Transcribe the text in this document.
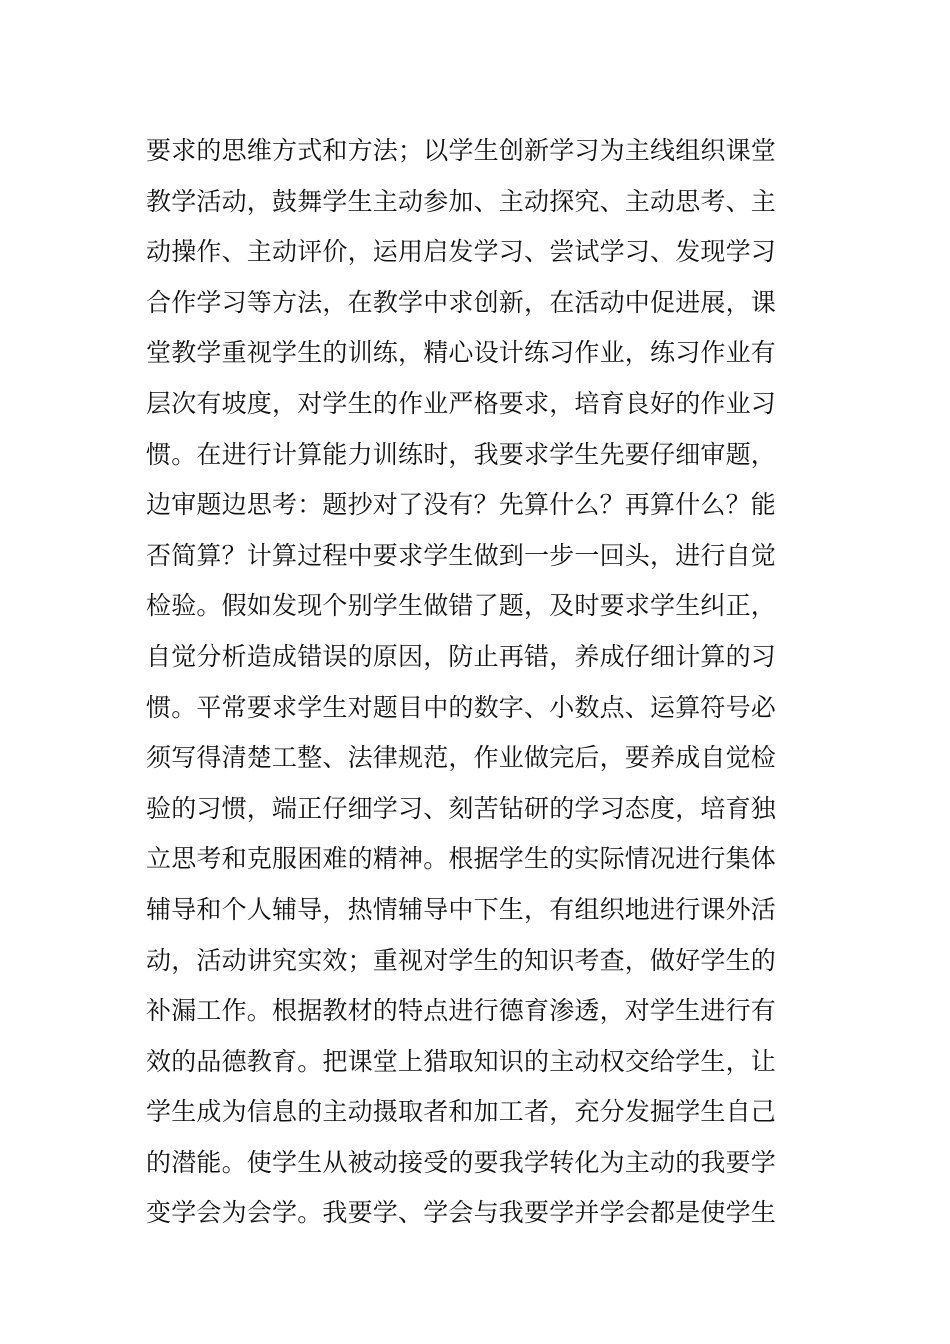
要求的思维方式和方法；以学生创新学习为主线组织课堂
教学活动，鼓舞学生主动参加、主动探究、主动思考、主
动操作、主动评价，运用启发学习、尝试学习、发现学习
合作学习等方法，在教学中求创新，在活动中促进展，课
堂教学重视学生的训练，精心设计练习作业，练习作业有
层次有坡度，对学生的作业严格要求，培育良好的作业习
惯。在进行计算能力训练时，我要求学生先要仔细审题，
边审题边思考：题抄对了没有？先算什么？再算什么？能
否简算？计算过程中要求学生做到一步一回头，进行自觉
检验。假如发现个别学生做错了题，及时要求学生纠正，
自觉分析造成错误的原因，防止再错，养成仔细计算的习
惯。平常要求学生对题目中的数字、小数点、运算符号必
须写得清楚工整、法律规范，作业做完后，要养成自觉检
验的习惯，端正仔细学习、刻苦钻研的学习态度，培育独
立思考和克服困难的精神。根据学生的实际情况进行集体
辅导和个人辅导，热情辅导中下生，有组织地进行课外活
动，活动讲究实效；重视对学生的知识考查，做好学生的
补漏工作。根据教材的特点进行德育渗透，对学生进行有
效的品德教育。把课堂上猎取知识的主动权交给学生，让
学生成为信息的主动摄取者和加工者，充分发掘学生自己
的潜能。使学生从被动接受的要我学转化为主动的我要学
变学会为会学。我要学、学会与我要学并学会都是使学生
